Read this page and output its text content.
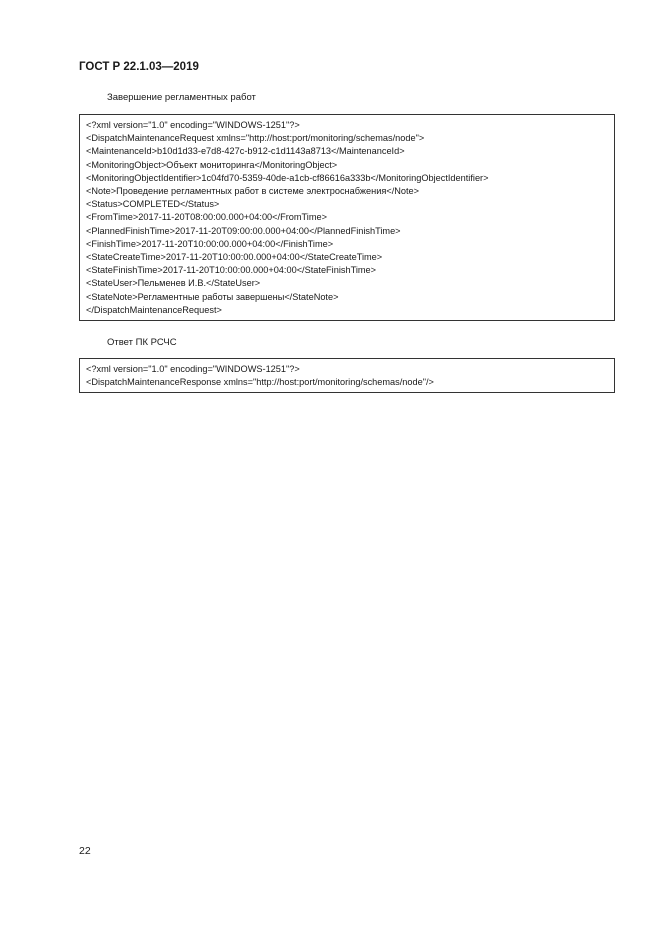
ГОСТ Р 22.1.03—2019
Завершение регламентных работ
<?xml version="1.0" encoding="WINDOWS-1251"?>
<DispatchMaintenanceRequest xmlns="http://host:port/monitoring/schemas/node">
<MaintenanceId>b10d1d33-e7d8-427c-b912-c1d1143a8713</MaintenanceId>
<MonitoringObject>Объект мониторинга</MonitoringObject>
<MonitoringObjectIdentifier>1c04fd70-5359-40de-a1cb-cf86616a333b</MonitoringObjectIdentifier>
<Note>Проведение регламентных работ в системе электроснабжения</Note>
<Status>COMPLETED</Status>
<FromTime>2017-11-20T08:00:00.000+04:00</FromTime>
<PlannedFinishTime>2017-11-20T09:00:00.000+04:00</PlannedFinishTime>
<FinishTime>2017-11-20T10:00:00.000+04:00</FinishTime>
<StateCreateTime>2017-11-20T10:00:00.000+04:00</StateCreateTime>
<StateFinishTime>2017-11-20T10:00:00.000+04:00</StateFinishTime>
<StateUser>Пельменев И.В.</StateUser>
<StateNote>Регламентные работы завершены</StateNote>
</DispatchMaintenanceRequest>
Ответ ПК РСЧС
<?xml version="1.0" encoding="WINDOWS-1251"?>
<DispatchMaintenanceResponse xmlns="http://host:port/monitoring/schemas/node"/>
22
